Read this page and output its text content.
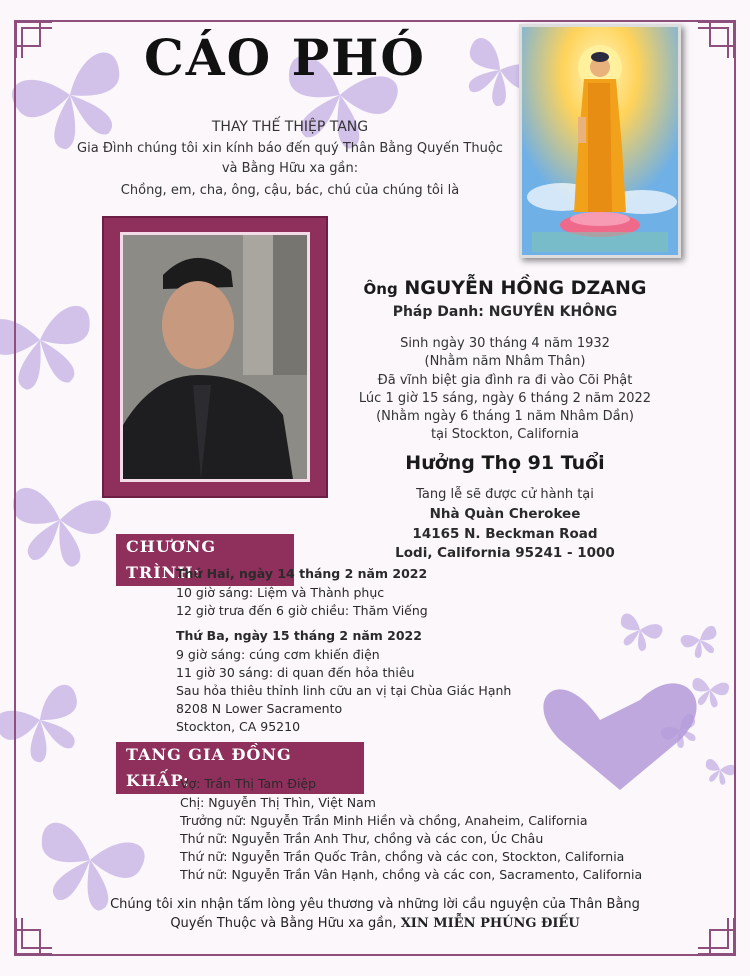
CÁO PHÓ
THAY THẾ THIỆP TANG
Gia Đình chúng tôi xin kính báo đến quý Thân Bằng Quyến Thuộc và Bằng Hữu xa gần:
Chồng, em, cha, ông, cậu, bác, chú của chúng tôi là
Ông NGUYỄN HỒNG DZANG
Pháp Danh: NGUYÊN KHÔNG
Sinh ngày 30 tháng 4 năm 1932
(Nhằm năm Nhâm Thân)
Đã vĩnh biệt gia đình ra đi vào Cõi Phật
Lúc 1 giờ 15 sáng, ngày 6 tháng 2 năm 2022
(Nhằm ngày 6 tháng 1 năm Nhâm Dần)
tại Stockton, California
Hưởng Thọ 91 Tuổi
Tang lễ sẽ được cử hành tại
Nhà Quàn Cherokee
14165 N. Beckman Road
Lodi, California 95241 - 1000
CHƯƠNG TRÌNH:
Thứ Hai, ngày 14 tháng 2 năm 2022
10 giờ sáng: Liệm và Thành phục
12 giờ trưa đến 6 giờ chiều: Thăm Viếng
Thứ Ba, ngày 15 tháng 2 năm 2022
9 giờ sáng: cúng cơm khiến điện
11 giờ 30 sáng: di quan đến hỏa thiêu
Sau hỏa thiêu thỉnh linh cữu an vị tại Chùa Giác Hạnh
8208 N Lower Sacramento
Stockton, CA 95210
TANG GIA ĐỒNG KHẤP:
Vợ: Trần Thị Tam Điệp
Chị: Nguyễn Thị Thìn, Việt Nam
Trưởng nữ: Nguyễn Trần Minh Hiền và chồng, Anaheim, California
Thứ nữ: Nguyễn Trần Anh Thư, chồng và các con, Úc Châu
Thứ nữ: Nguyễn Trần Quốc Trân, chồng và các con, Stockton, California
Thứ nữ: Nguyễn Trần Vân Hạnh, chồng và các con, Sacramento, California
Chúng tôi xin nhận tấm lòng yêu thương và những lời cầu nguyện của Thân Bằng
Quyến Thuộc và Bằng Hữu xa gần, XIN MIỄN PHÚNG ĐIẾU
